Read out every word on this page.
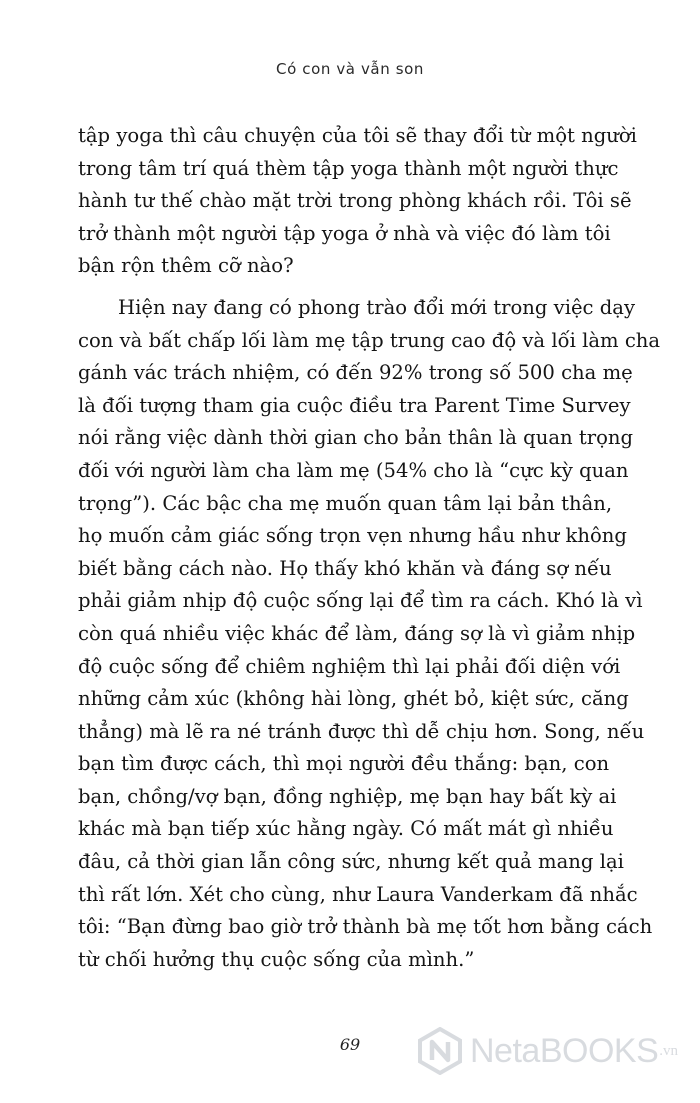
Có con và vẫn son
tập yoga thì câu chuyện của tôi sẽ thay đổi từ một người
trong tâm trí quá thèm tập yoga thành một người thực
hành tư thế chào mặt trời trong phòng khách rồi. Tôi sẽ
trở thành một người tập yoga ở nhà và việc đó làm tôi
bận rộn thêm cỡ nào?
Hiện nay đang có phong trào đổi mới trong việc dạy
con và bất chấp lối làm mẹ tập trung cao độ và lối làm cha
gánh vác trách nhiệm, có đến 92% trong số 500 cha mẹ
là đối tượng tham gia cuộc điều tra Parent Time Survey
nói rằng việc dành thời gian cho bản thân là quan trọng
đối với người làm cha làm mẹ (54% cho là “cực kỳ quan
trọng”). Các bậc cha mẹ muốn quan tâm lại bản thân,
họ muốn cảm giác sống trọn vẹn nhưng hầu như không
biết bằng cách nào. Họ thấy khó khăn và đáng sợ nếu
phải giảm nhịp độ cuộc sống lại để tìm ra cách. Khó là vì
còn quá nhiều việc khác để làm, đáng sợ là vì giảm nhịp
độ cuộc sống để chiêm nghiệm thì lại phải đối diện với
những cảm xúc (không hài lòng, ghét bỏ, kiệt sức, căng
thẳng) mà lẽ ra né tránh được thì dễ chịu hơn. Song, nếu
bạn tìm được cách, thì mọi người đều thắng: bạn, con
bạn, chồng/vợ bạn, đồng nghiệp, mẹ bạn hay bất kỳ ai
khác mà bạn tiếp xúc hằng ngày. Có mất mát gì nhiều
đâu, cả thời gian lẫn công sức, nhưng kết quả mang lại
thì rất lớn. Xét cho cùng, như Laura Vanderkam đã nhắc
tôi: “Bạn đừng bao giờ trở thành bà mẹ tốt hơn bằng cách
từ chối hưởng thụ cuộc sống của mình.”
69	NetaBOOKS .vn
